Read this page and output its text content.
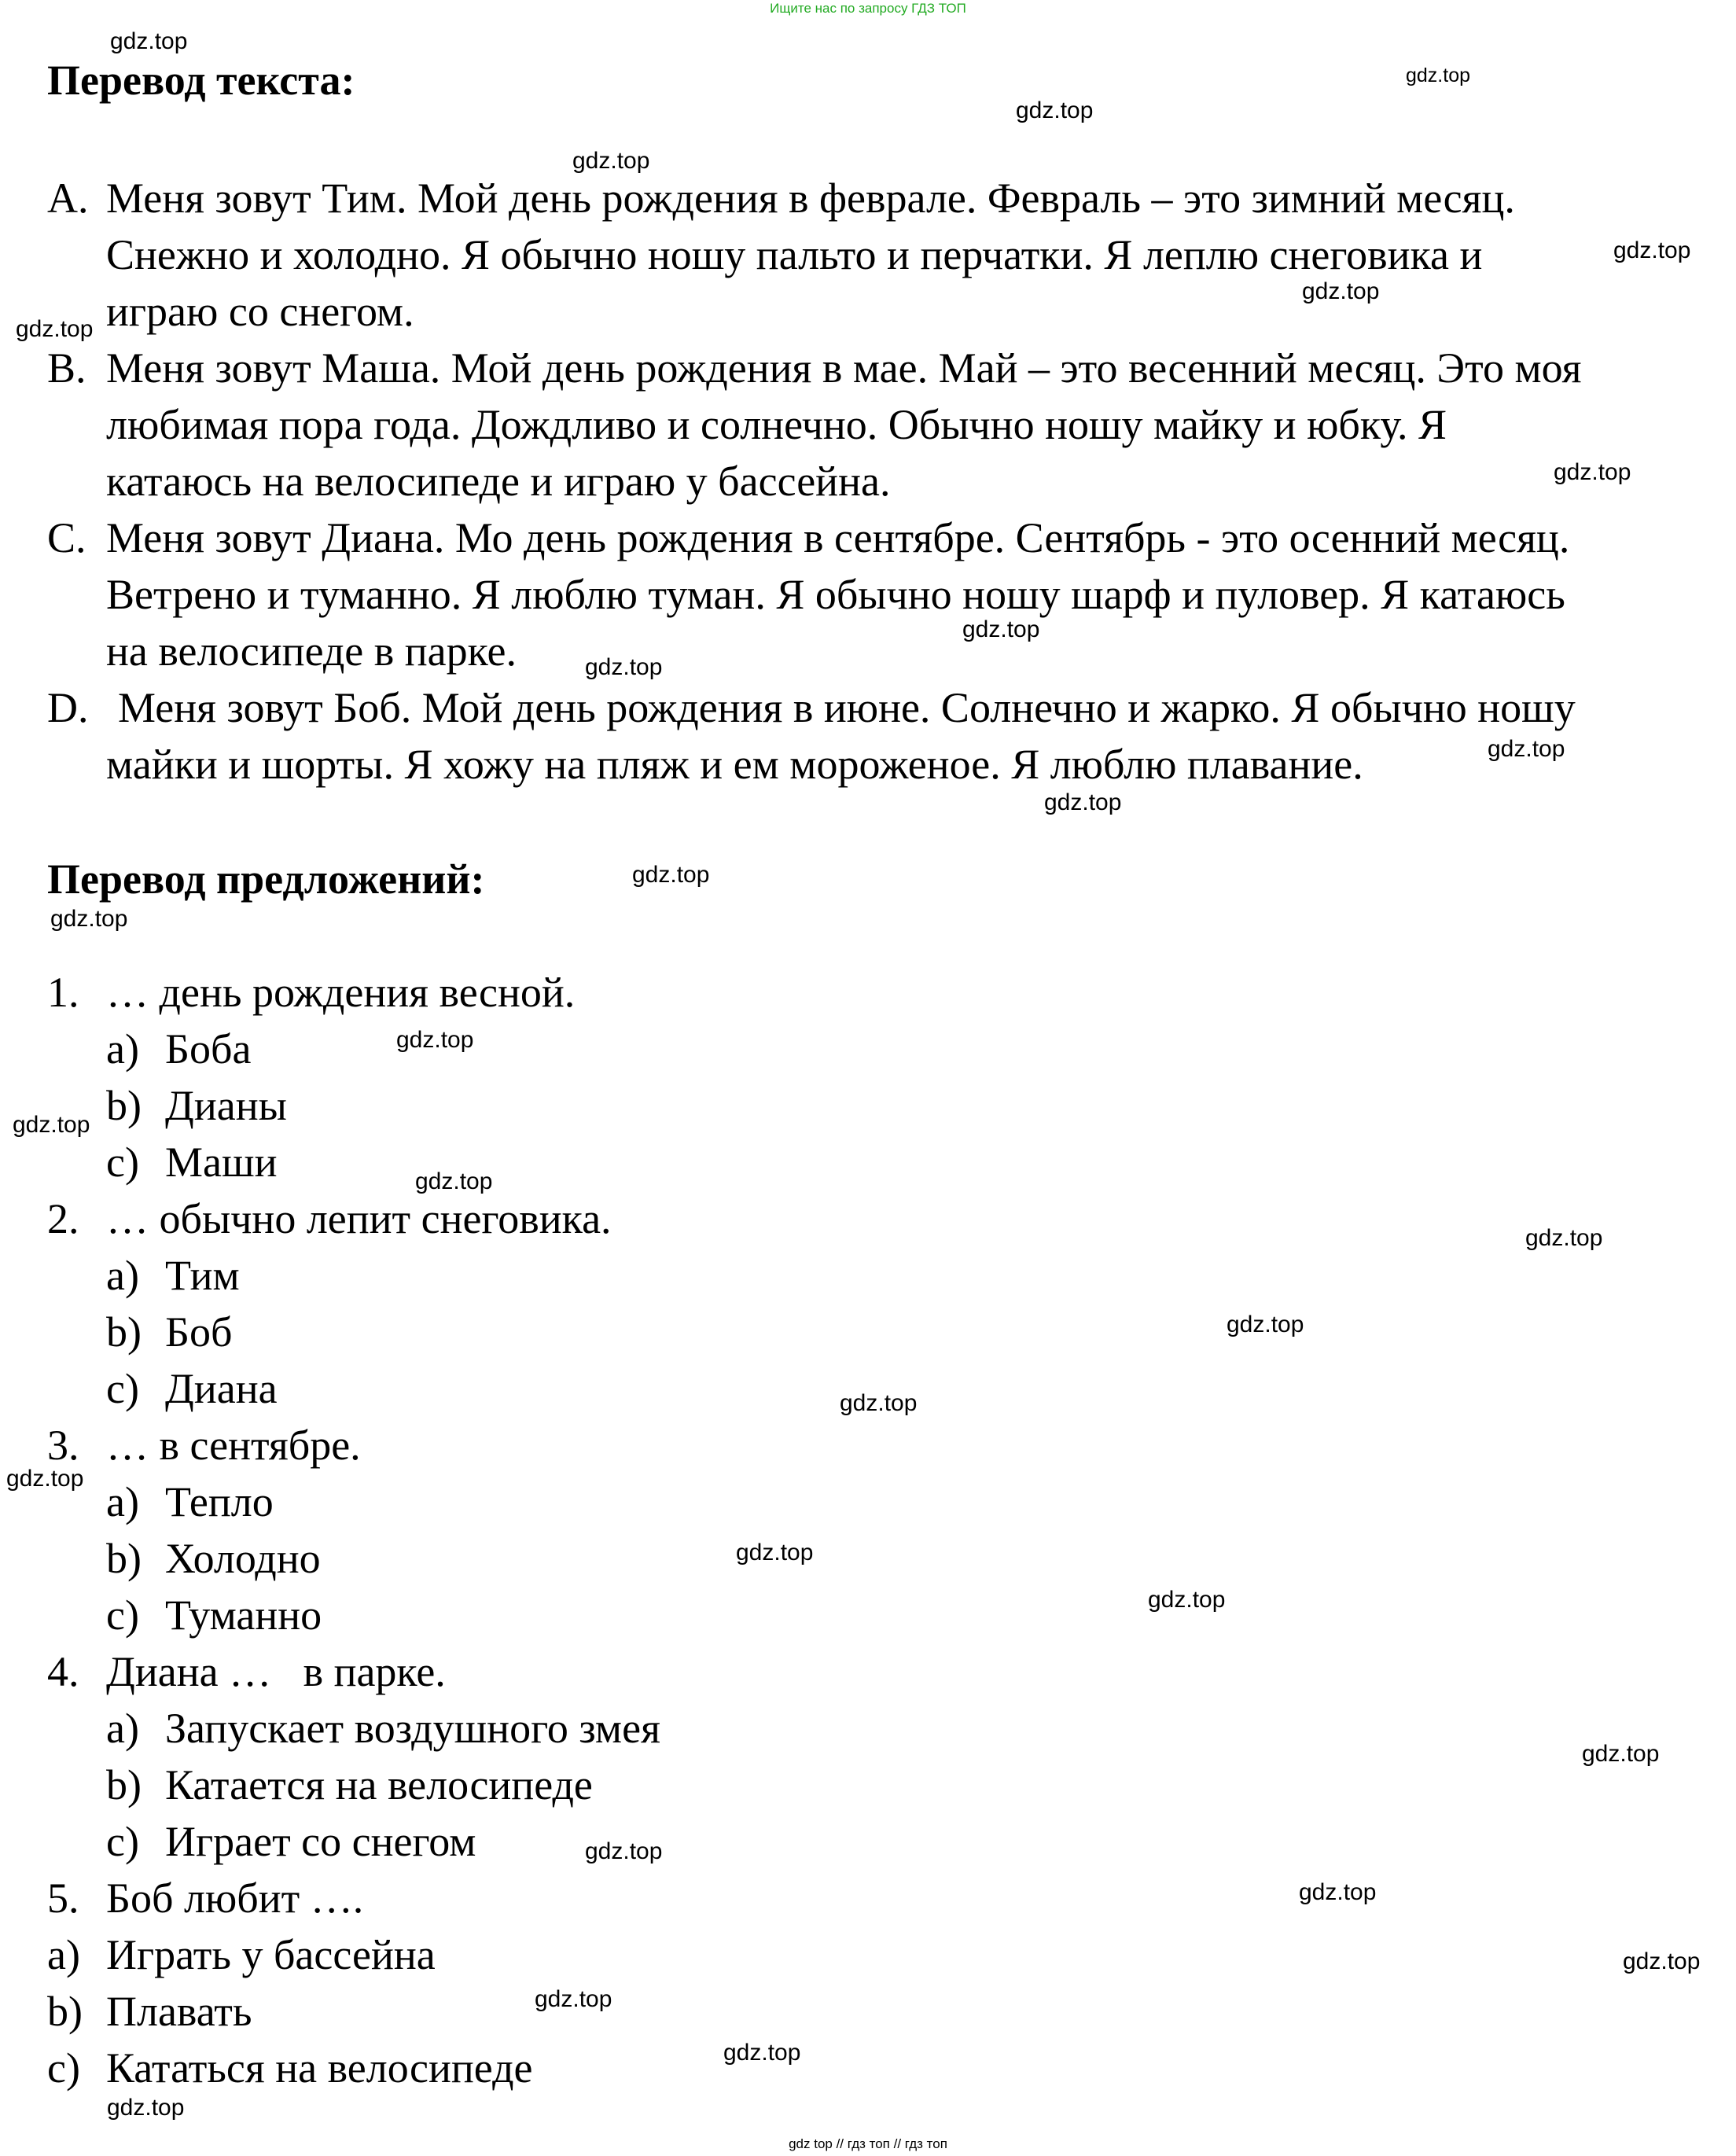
Ищите нас по запросу ГДЗ ТОП
Перевод текста:
A. Меня зовут Тим. Мой день рождения в феврале. Февраль – это зимний месяц.
Снежно и холодно. Я обычно ношу пальто и перчатки. Я леплю снеговика и
играю со снегом.
B. Меня зовут Маша. Мой день рождения в мае. Май – это весенний месяц. Это моя
любимая пора года. Дождливо и солнечно. Обычно ношу майку и юбку. Я
катаюсь на велосипеде и играю у бассейна.
C. Меня зовут Диана. Мо день рождения в сентябре. Сентябрь - это осенний месяц.
Ветрено и туманно. Я люблю туман. Я обычно ношу шарф и пуловер. Я катаюсь
на велосипеде в парке.
D. Меня зовут Боб. Мой день рождения в июне. Солнечно и жарко. Я обычно ношу
майки и шорты. Я хожу на пляж и ем мороженое. Я люблю плавание.
Перевод предложений:
1. … день рождения весной.
a) Боба
b) Дианы
c) Маши
2. … обычно лепит снеговика.
a) Тим
b) Боб
c) Диана
3. … в сентябре.
a) Тепло
b) Холодно
c) Туманно
4. Диана …   в парке.
a) Запускает воздушного змея
b) Катается на велосипеде
c) Играет со снегом
5. Боб любит ….
a) Играть у бассейна
b) Плавать
c) Кататься на велосипеде
gdz.top
gdz.top
gdz.top
gdz.top
gdz.top
gdz.top
gdz.top
gdz.top
gdz.top
gdz.top
gdz.top
gdz.top
gdz.top
gdz.top
gdz.top
gdz.top
gdz.top
gdz.top
gdz.top
gdz.top
gdz.top
gdz.top
gdz.top
gdz.top
gdz.top
gdz.top
gdz.top
gdz.top
gdz.top
gdz.top
gdz top // гдз топ // гдз топ
